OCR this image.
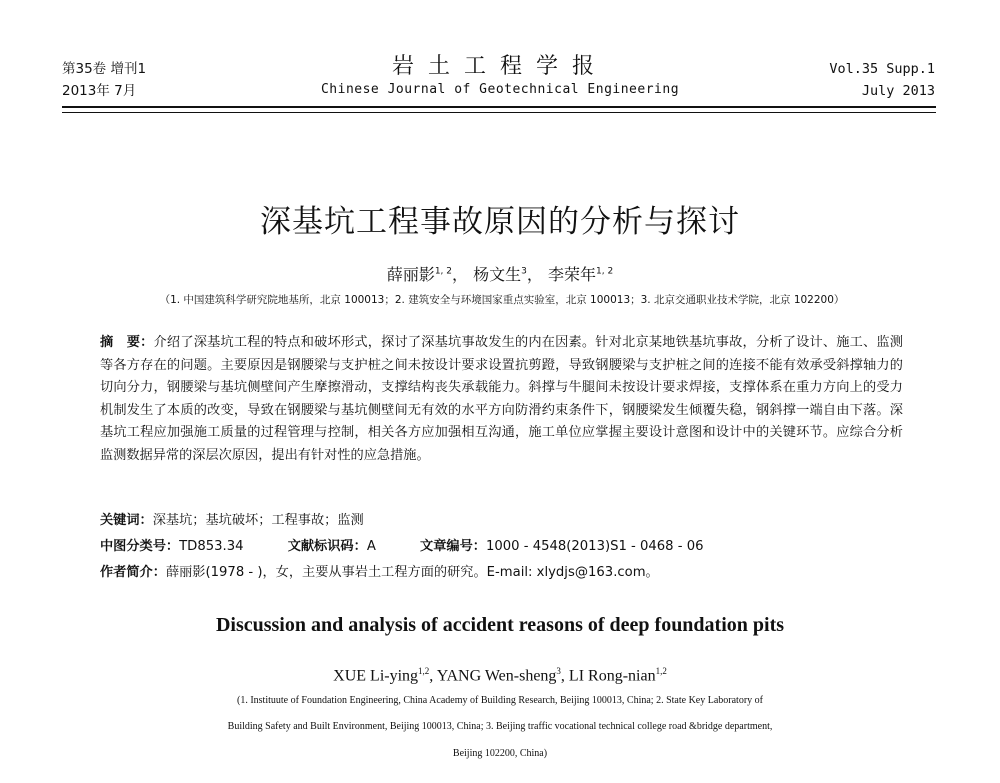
第35卷 增刊1
2013年 7月
岩土工程学报
Chinese Journal of Geotechnical Engineering
Vol.35 Supp.1
July 2013
深基坑工程事故原因的分析与探讨
薛丽影$^{1, 2}$， 杨文生$^3$， 李荣年$^{1, 2}$
（1. 中国建筑科学研究院地基所，北京 100013；2. 建筑安全与环境国家重点实验室，北京 100013；3. 北京交通职业技术学院，北京 102200）
摘　要：介绍了深基坑工程的特点和破坏形式，探讨了深基坑事故发生的内在因素。针对北京某地铁基坑事故，分析了设计、施工、监测等各方存在的问题。主要原因是钢腰梁与支护桩之间未按设计要求设置抗剪蹬，导致钢腰梁与支护桩之间的连接不能有效承受斜撑轴力的切向分力，钢腰梁与基坑侧壁间产生摩擦滑动，支撑结构丧失承载能力。斜撑与牛腿间未按设计要求焊接，支撑体系在重力方向上的受力机制发生了本质的改变，导致在钢腰梁与基坑侧壁间无有效的水平方向防滑约束条件下，钢腰梁发生倾覆失稳，钢斜撑一端自由下落。深基坑工程应加强施工质量的过程管理与控制，相关各方应加强相互沟通，施工单位应掌握主要设计意图和设计中的关键环节。应综合分析监测数据异常的深层次原因，提出有针对性的应急措施。
关键词：深基坑；基坑破坏；工程事故；监测
中图分类号：TD853.34	文献标识码：A	文章编号：1000 - 4548(2013)S1 - 0468 - 06
作者简介：薛丽影(1978 - )，女，主要从事岩土工程方面的研究。E-mail: xlydjs@163.com。
Discussion and analysis of accident reasons of deep foundation pits
XUE Li-ying$^{1,2}$, YANG Wen-sheng$^3$, LI Rong-nian$^{1,2}$
(1. Instituute of Foundation Engineering, China Academy of Building Research, Beijing 100013, China; 2. State Key Laboratory of
Building Safety and Built Environment, Beijing 100013, China; 3. Beijing traffic vocational technical college road &bridge department,
Beijing 102200, China)
